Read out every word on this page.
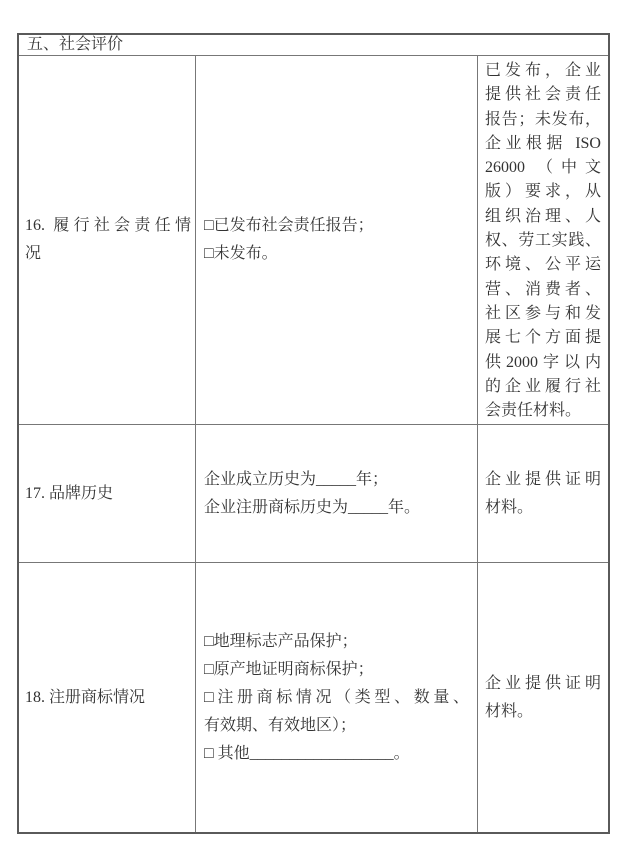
五、社会评价
16. 履行社会责任情
况
□已发布社会责任报告；
□未发布。
已发布，企业
提供社会责任
报告；未发布，
企业根据 ISO
26000 （中文
版）要求，从
组织治理、人
权、劳工实践、
环境、公平运
营、消费者、
社区参与和发
展七个方面提
供2000字以内
的企业履行社
会责任材料。
17. 品牌历史
企业成立历史为_____年；
企业注册商标历史为_____年。
企业提供证明
材料。
18. 注册商标情况
□地理标志产品保护；
□原产地证明商标保护；
□注册商标情况（类型、数量、
有效期、有效地区）；
□ 其他__________________。
企业提供证明
材料。
